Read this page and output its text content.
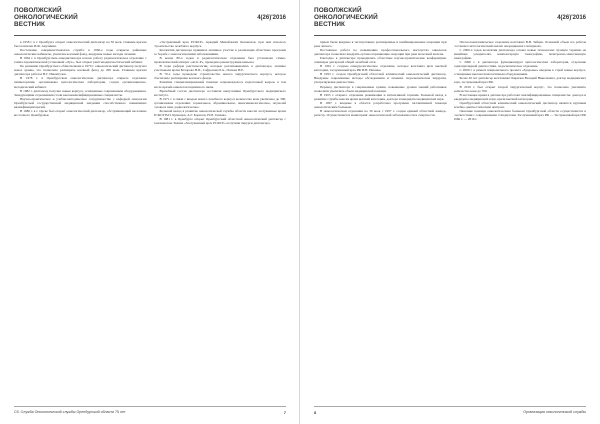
ПОВОЛЖСКИЙ
ОНКОЛОГИЧЕСКИЙ
ВЕСТНИК
4(26)'2016

в 1958 г. в г. Оренбурге открыт онкологический диспансер на 30 коек, главным врачом был назначен И.Ф. Акулинин.

Постепенно совершенствовалась служба: в 1960-е годы открыты районные онкологические кабинеты, увеличен коечный фонд, внедрены новые методы лечения.

В 1964 г. в Оренбургском онкодиспансере начало работу радиологическое отделение с гамма-терапевтической установкой «Луч», был открыт рентгенодиагностический кабинет.

По решению Оренбургского облисполкома в 1970 г. онкологический диспансер получил новое здание, что позволило расширить коечный фонд до 200 коек. Главным врачом диспансера работал В.Г. Ишемгулов.

В 1978 г. в Оренбургском онкологическом диспансере открыто отделение химиотерапии, организована цитологическая лаборатория, создан организационно-методический кабинет.

В 1982 г. диспансер получил новые корпуса, оснащенные современным оборудованием. Заведующими отделениями стали высококвалифицированные специалисты.

Научно-практическое и учебно-методическое сотрудничество с кафедрой онкологии Оренбургской государственной медицинской академии способствовало повышению квалификации врачей.

В 1986 г. в г. Орске был открыт онкологический диспансер, обслуживающий население восточного Оренбуржья.

«Заслуженный врач РСФСР» Аркадий Михайлович Коновалов, при нем началось строительство лечебного корпуса.

Коллектив диспансера принимал активное участие в реализации областных программ по борьбе с онкологическими заболеваниями.

В конце 80-х годов в радиологическом отделении был установлен гамма-терапевтический аппарат «Агат-Р», проведена реконструкция каньона.

В годы реформ рентгенологии, которые реализовывались в диспансере, активно участвовали врачи Бочарова Н.П., Сафронова Р.А., Попова Н.Е.

В 70-е годы проведено строительство нового хирургического корпуса, которое обеспечило расширение коечного фонда.

Развитие специализированной помощи сопровождалось подготовкой кадров, в том числе врачей-онкологов первичного звена.

Врачебный состав диспансера составили выпускники Оренбургского медицинского института.

В 1971 г. в связи с вводом нового лечебного корпуса количество коек увеличено до 300, организованы отделения: торакальное, абдоминальное, онкогинекологическое, опухолей головы и шеи, радиологическое.

Большой вклад в развитие онкологической службы области внесли заслуженные врачи РСФСР В.П. Кузнецов, А.Г. Борисов, Н.И. Ганеева.

В 1981 г. в Оренбурге открыт Оренбургский областной онкологический диспансер с пансионатом. Звание «Заслуженный врач РСФСР» получили хирурги диспансера.

Сб. Служба Онкологической службы Оренбургской области 75 лет	7
ПОВОЛЖСКИЙ
ОНКОЛОГИЧЕСКИЙ
ВЕСТНИК
4(26)'2016

прием были введены в эксплуатацию расширенные и комбинированные операции при раке легкого.

Постоянное работа по повышению профессионального мастерства онкологов диспансера позволило внедрить органосохраняющие операции при раке молочной железы.

Ежегодно в диспансере проводились областные научно-практические конференции, семинары для врачей общей лечебной сети.

В 1991 г. создано онкоурологическое отделение, которое возглавил врач высшей категории, заслуженный врач РФ В.Н. Пшенко.

В 1993 г. создан Оренбургский областной клинический онкологический диспансер. Внедрены современные методы обследования и лечения: эндоскопическая хирургия, ультразвуковая диагностика.

Перевод диспансера в современные здания, повышение уровня знаний работников позволили увеличить объем медицинской помощи.

В 1995 г. открыто отделение реанимации и интенсивной терапии. Большой вклад в развитие службы внесли врачи высшей категории, доктора и кандидаты медицинских наук.

В 1997 г. впервые в области разработана программа паллиативной помощи онкологическим больным.

В онкологическом отделении на 30 коек с 1997 г. создан единый областной канцер-регистр. Осуществляется мониторинг онкологической заболеваемости и смертности.

Патологоанатомическое отделение возглавил В.В. Зайцев. Основной объем его работы составлял гистологический анализ операционного материала.

С 2000-х годов коллектив диспансера освоил новые технологии: лучевую терапию на линейных ускорителях, компьютерную томографию, позитронно-эмиссионную томографию.

С 2006 г. в диспансере функционирует цитологическая лаборатория, отделение радионуклидной диагностики, эндоскопическое отделение.

С 2009 г. в рамках национального проекта «Здоровье» введены в строй новые корпуса, оснащенные высокотехнологичным оборудованием.

Более 20 лет диспансер возглавляет Кирилов Валерий Николаевич, доктор медицинских наук, заслуженный врач РФ.

В 2010 г. был открыт второй хирургический корпус, что позволило увеличить количество коек до 700.

В настоящее время в диспансере работают квалифицированные специалисты: доктора и кандидаты медицинских наук, врачи высшей категории.

Оренбургский областной клинический онкологический диспансер является крупным лечебно-диагностическим центром.

Оказание помощи онкологическим больным Оренбургской области осуществляется в соответствии с современными стандартами. Заслуженный врач РФ — Заслуженный врач РФ 1966 г. — 2016 г.

8	Организация онкологической службы
